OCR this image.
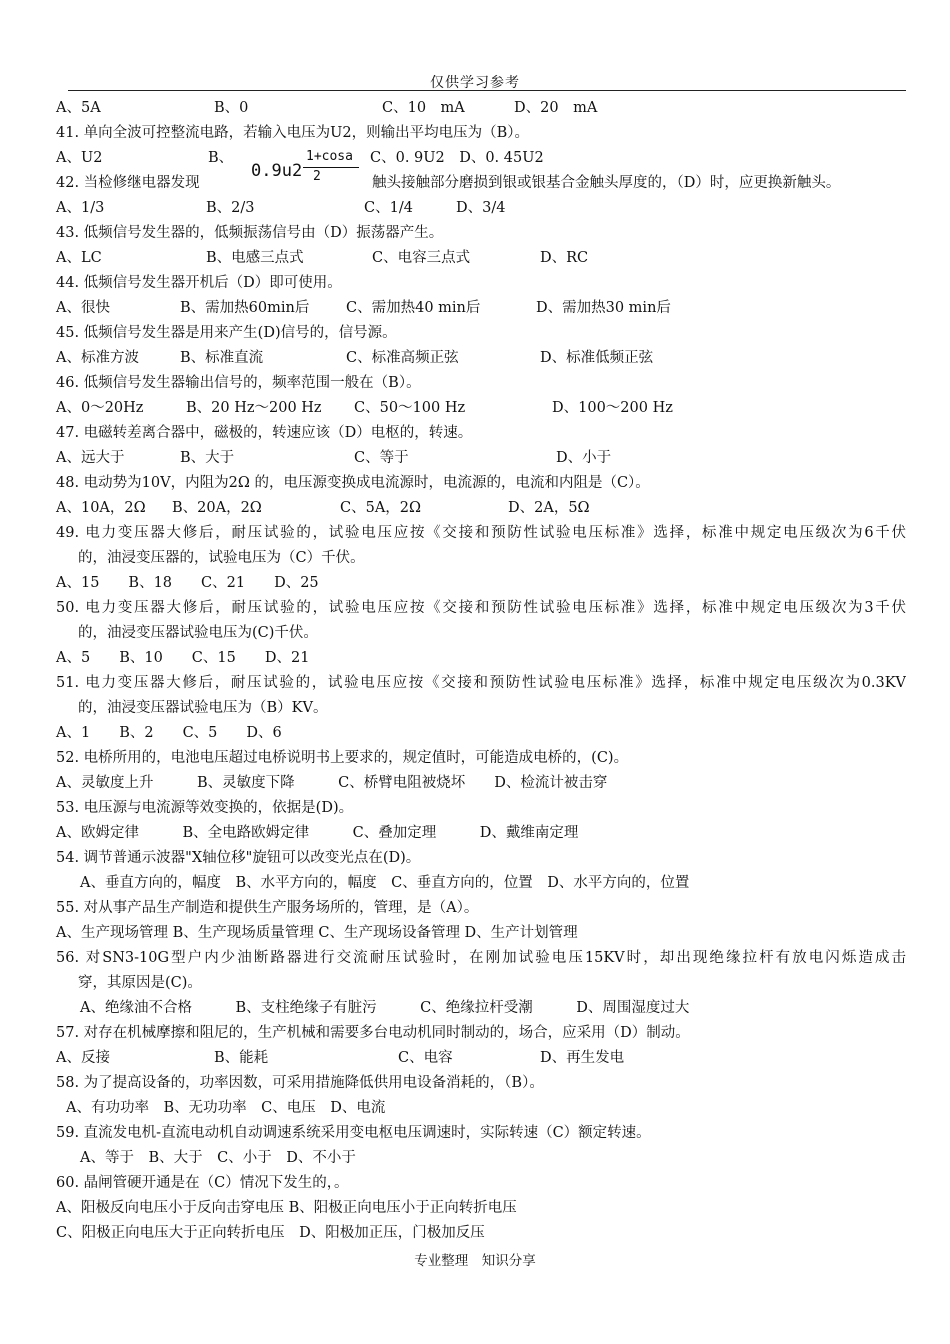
仅供学习参考
0.9u2
1+cosa
2
A、5A	B、0	C、10　mA	D、20　mA
41. 单向全波可控整流电路，若输入电压为U2，则输出平均电压为（B）。
A、U2	B、	C、0. 9U2　D、0. 45U2
42. 当检修继电器发现	触头接触部分磨损到银或银基合金触头厚度的，（D）时，应更换新触头。
A、1/3	B、2/3	C、1/4	D、3/4
43. 低频信号发生器的，低频振荡信号由（D）振荡器产生。
A、LC	B、电感三点式	C、电容三点式	D、RC
44. 低频信号发生器开机后（D）即可使用。
A、很快	B、需加热60min后	C、需加热40 min后	D、需加热30 min后
45. 低频信号发生器是用来产生(D)信号的，信号源。
A、标准方波	B、标准直流	C、标准高频正弦	D、标准低频正弦
46. 低频信号发生器输出信号的，频率范围一般在（B）。
A、0～20Hz	B、20 Hz～200 Hz C、50～100 Hz	D、100～200 Hz
47. 电磁转差离合器中，磁极的，转速应该（D）电枢的，转速。
A、远大于	B、大于	C、等于	D、小于
48. 电动势为10V，内阻为2Ω 的，电压源变换成电流源时，电流源的，电流和内阻是（C）。
A、10A，2Ω B、20A，2Ω	C、5A，2Ω	D、2A，5Ω
49. 电力变压器大修后，耐压试验的，试验电压应按《交接和预防性试验电压标准》选择，标准中规定电压级次为6千伏
的，油浸变压器的，试验电压为（C）千伏。
A、15　　B、18　　C、21　　D、25
50. 电力变压器大修后，耐压试验的，试验电压应按《交接和预防性试验电压标准》选择，标准中规定电压级次为3千伏
的，油浸变压器试验电压为(C)千伏。
A、5　　B、10　　C、15　　D、21
51. 电力变压器大修后，耐压试验的，试验电压应按《交接和预防性试验电压标准》选择，标准中规定电压级次为0.3KV
的，油浸变压器试验电压为（B）KV。
A、1　　B、2　　C、5　　D、6
52. 电桥所用的，电池电压超过电桥说明书上要求的，规定值时，可能造成电桥的，(C)。
A、灵敏度上升　　　B、灵敏度下降　　　C、桥臂电阻被烧坏　　D、检流计被击穿
53. 电压源与电流源等效变换的，依据是(D)。
A、欧姆定律　　　B、全电路欧姆定律　　　C、叠加定理　　　D、戴维南定理
54. 调节普通示波器"X轴位移"旋钮可以改变光点在(D)。
A、垂直方向的，幅度　B、水平方向的，幅度　C、垂直方向的，位置　D、水平方向的，位置
55. 对从事产品生产制造和提供生产服务场所的，管理，是（A）。
A、生产现场管理 B、生产现场质量管理 C、生产现场设备管理 D、生产计划管理
56. 对SN3-10G型户内少油断路器进行交流耐压试验时，在刚加试验电压15KV时，却出现绝缘拉杆有放电闪烁造成击
穿，其原因是(C)。
A、绝缘油不合格　　　B、支柱绝缘子有脏污　　　C、绝缘拉杆受潮　　　D、周围湿度过大
57. 对存在机械摩擦和阻尼的，生产机械和需要多台电动机同时制动的，场合，应采用（D）制动。
A、反接	B、能耗	C、电容	D、再生发电
58. 为了提高设备的，功率因数，可采用措施降低供用电设备消耗的，（B）。
A、有功功率　B、无功功率　C、电压　D、电流
59. 直流发电机-直流电动机自动调速系统采用变电枢电压调速时，实际转速（C）额定转速。
A、等于　B、大于　C、小于　D、不小于
60. 晶闸管硬开通是在（C）情况下发生的，。
A、阳极反向电压小于反向击穿电压 B、阳极正向电压小于正向转折电压
C、阳极正向电压大于正向转折电压　D、阳极加正压，门极加反压
专业整理　知识分享
